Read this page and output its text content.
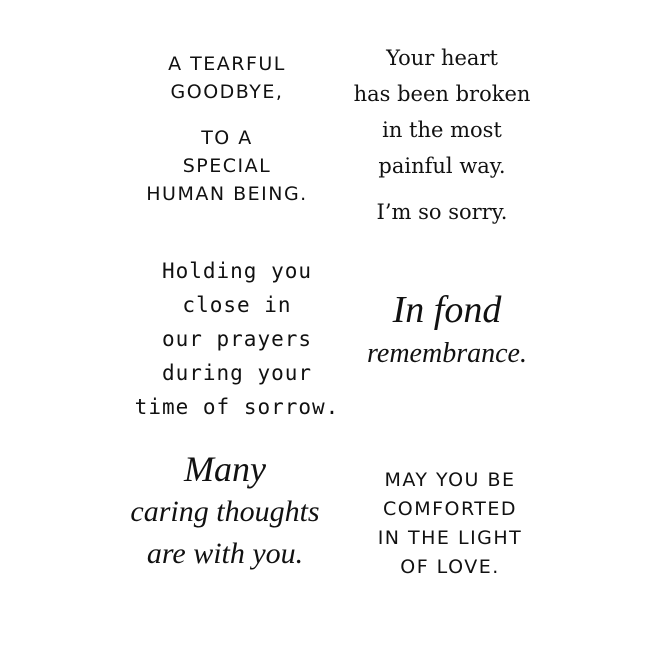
A TEARFUL
GOODBYE,
TO A
SPECIAL
HUMAN BEING.
Your heart
has been broken
in the most
painful way.
I’m so sorry.
Holding you
close in
our prayers
during your
time of sorrow.
In fond
remembrance.
Many
caring thoughts
are with you.
MAY YOU BE
COMFORTED
IN THE LIGHT
OF LOVE.
